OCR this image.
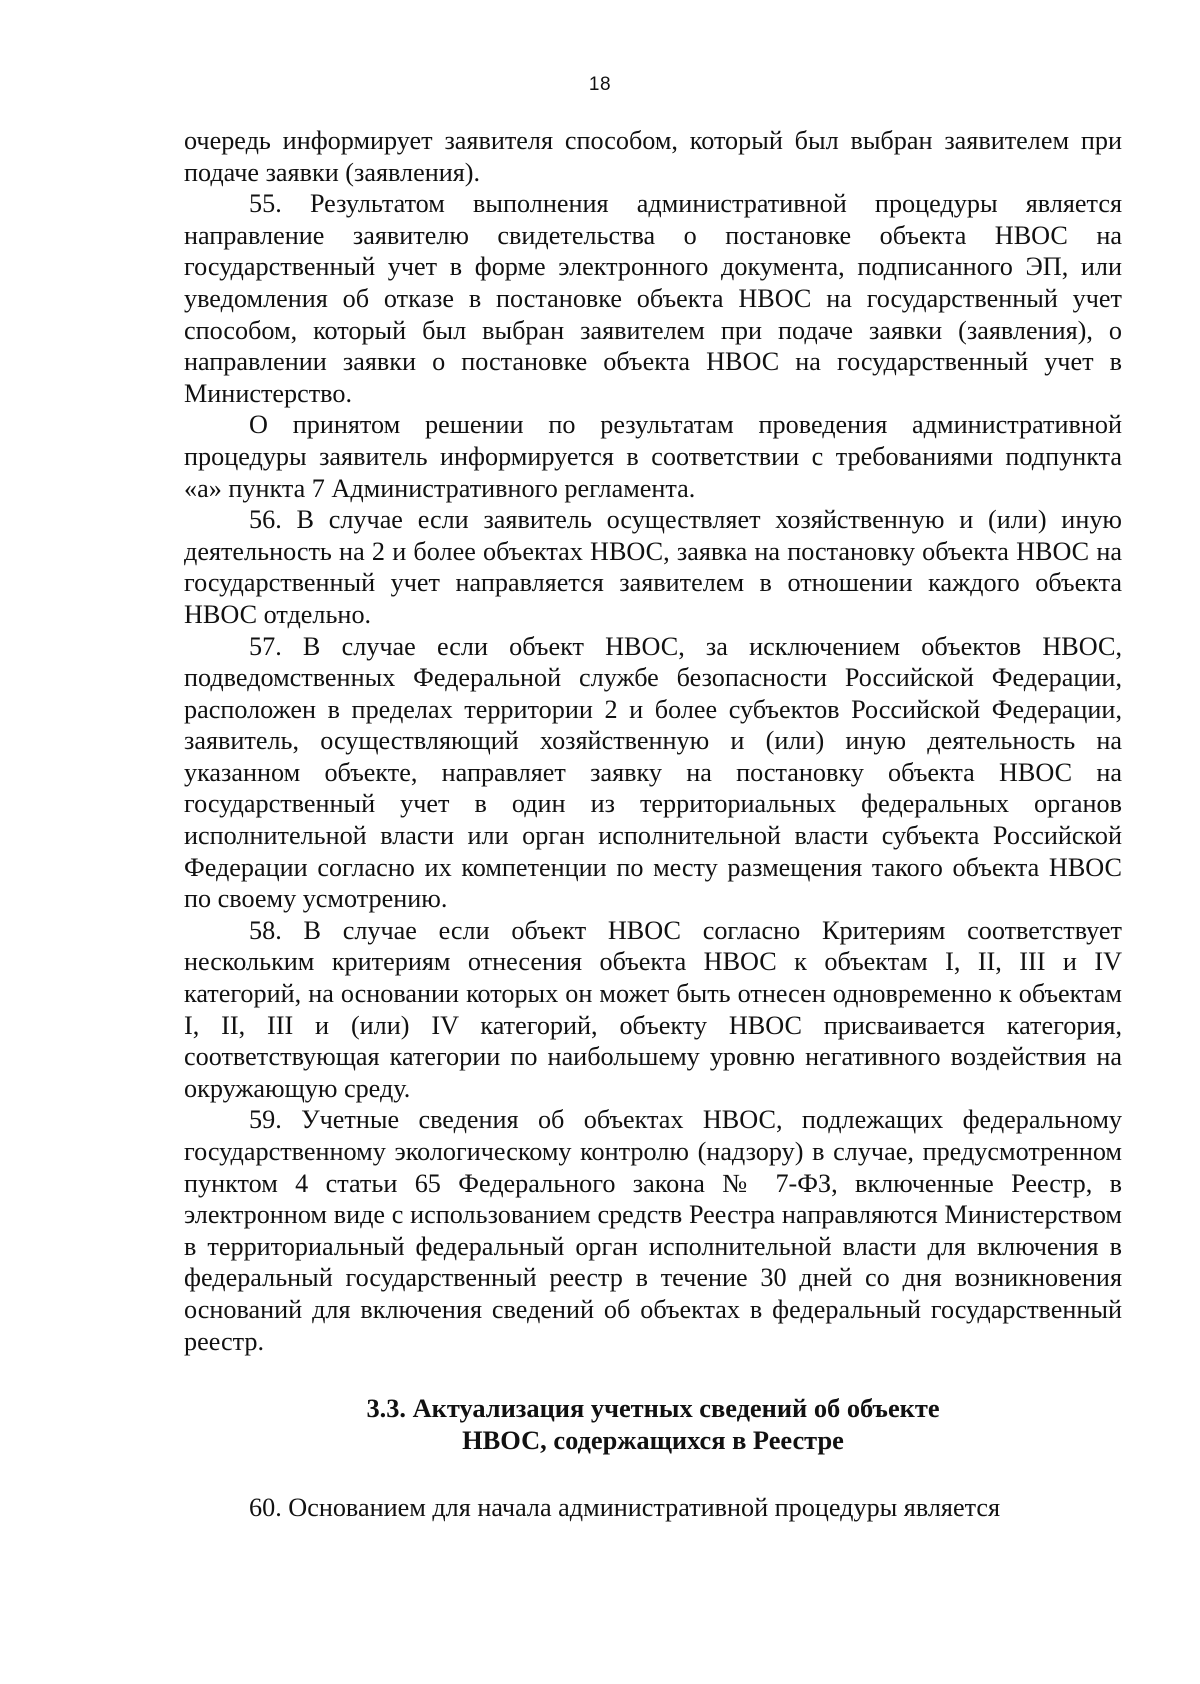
18

очередь информирует заявителя способом, который был выбран заявителем при подаче заявки (заявления).

55. Результатом выполнения административной процедуры является направление заявителю свидетельства о постановке объекта НВОС на государственный учет в форме электронного документа, подписанного ЭП, или уведомления об отказе в постановке объекта НВОС на государственный учет способом, который был выбран заявителем при подаче заявки (заявления), о направлении заявки о постановке объекта НВОС на государственный учет в Министерство.

О принятом решении по результатам проведения административной процедуры заявитель информируется в соответствии с требованиями подпункта «а» пункта 7 Административного регламента.

56. В случае если заявитель осуществляет хозяйственную и (или) иную деятельность на 2 и более объектах НВОС, заявка на постановку объекта НВОС на государственный учет направляется заявителем в отношении каждого объекта НВОС отдельно.

57. В случае если объект НВОС, за исключением объектов НВОС, подведомственных Федеральной службе безопасности Российской Федерации, расположен в пределах территории 2 и более субъектов Российской Федерации, заявитель, осуществляющий хозяйственную и (или) иную деятельность на указанном объекте, направляет заявку на постановку объекта НВОС на государственный учет в один из территориальных федеральных органов исполнительной власти или орган исполнительной власти субъекта Российской Федерации согласно их компетенции по месту размещения такого объекта НВОС по своему усмотрению.

58. В случае если объект НВОС согласно Критериям соответствует нескольким критериям отнесения объекта НВОС к объектам I, II, III и IV категорий, на основании которых он может быть отнесен одновременно к объектам I, II, III и (или) IV категорий, объекту НВОС присваивается категория, соответствующая категории по наибольшему уровню негативного воздействия на окружающую среду.

59. Учетные сведения об объектах НВОС, подлежащих федеральному государственному экологическому контролю (надзору) в случае, предусмотренном пунктом 4 статьи 65 Федерального закона № 7-ФЗ, включенные Реестр, в электронном виде с использованием средств Реестра направляются Министерством в территориальный федеральный орган исполнительной власти для включения в федеральный государственный реестр в течение 30 дней со дня возникновения оснований для включения сведений об объектах в федеральный государственный реестр.

3.3. Актуализация учетных сведений об объекте
НВОС, содержащихся в Реестре

60. Основанием для начала административной процедуры является
